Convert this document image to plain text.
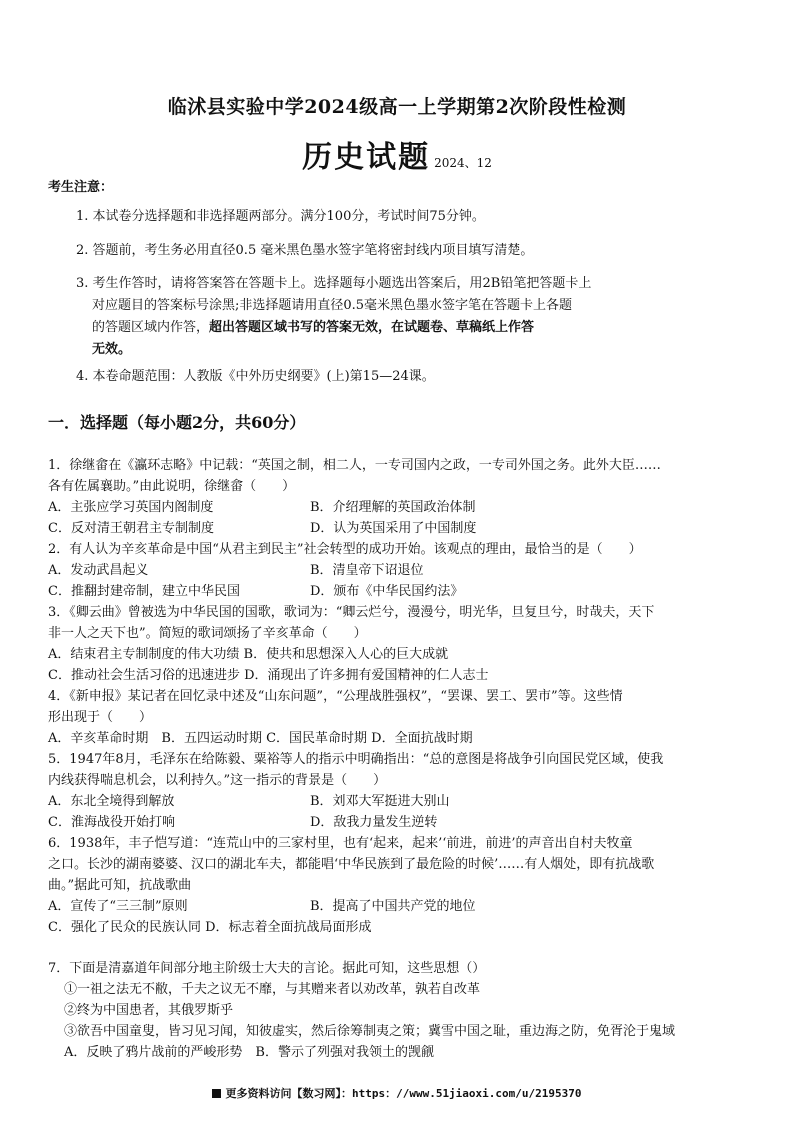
临沭县实验中学2024级高一上学期第2次阶段性检测
历史试题 2024、12
考生注意：
1. 本试卷分选择题和非选择题两部分。满分100分，考试时间75分钟。
2. 答题前，考生务必用直径0.5 毫米黑色墨水签字笔将密封线内项目填写清楚。
3. 考生作答时，请将答案答在答题卡上。选择题每小题选出答案后，用2B铅笔把答题卡上
对应题目的答案标号涂黑;非选择题请用直径0.5毫米黑色墨水签字笔在答题卡上各题
的答题区域内作答，超出答题区域书写的答案无效，在试题卷、草稿纸上作答
无效。
4. 本卷命题范围：人教版《中外历史纲要》(上)第15—24课。
一．选择题（每小题2分，共60分）
1．徐继畲在《瀛环志略》中记载：“英国之制，相二人，一专司国内之政，一专司外国之务。此外大臣……
各有佐属襄助。”由此说明，徐继畲（　　）
A．主张应学习英国内阁制度	B．介绍理解的英国政治体制
C．反对清王朝君主专制制度	D．认为英国采用了中国制度
2．有人认为辛亥革命是中国“从君主到民主”社会转型的成功开始。该观点的理由，最恰当的是（　　）
A．发动武昌起义	B．清皇帝下诏退位
C．推翻封建帝制，建立中华民国	D．颁布《中华民国约法》
3．《卿云曲》曾被选为中华民国的国歌，歌词为：“卿云烂兮，漫漫兮，明光华，旦复旦兮，时哉夫，天下
非一人之天下也”。简短的歌词颂扬了辛亥革命（　　）
A．结束君主专制制度的伟大功绩 B．使共和思想深入人心的巨大成就
C．推动社会生活习俗的迅速进步 D．涌现出了许多拥有爱国精神的仁人志士
4．《新申报》某记者在回忆录中述及“山东问题”，“公理战胜强权”，“罢课、罢工、罢市”等。这些情
形出现于（　　）
A．辛亥革命时期　B．五四运动时期 C．国民革命时期 D．全面抗战时期
5．1947年8月，毛泽东在给陈毅、粟裕等人的指示中明确指出：“总的意图是将战争引向国民党区域，使我
内线获得喘息机会，以利持久。”这一指示的背景是（　　）
A．东北全境得到解放	B．刘邓大军挺进大别山
C．淮海战役开始打响	D．敌我力量发生逆转
6．1938年，丰子恺写道：“连荒山中的三家村里，也有‘起来，起来’‘前进，前进’的声音出自村夫牧童
之口。长沙的湖南婆婆、汉口的湖北车夫，都能唱‘中华民族到了最危险的时候’……有人烟处，即有抗战歌
曲。”据此可知，抗战歌曲
A．宣传了“三三制”原则	B．提高了中国共产党的地位
C．强化了民众的民族认同 D．标志着全面抗战局面形成
7．下面是清嘉道年间部分地主阶级士大夫的言论。据此可知，这些思想（）
①一祖之法无不敝，千夫之议无不靡，与其赠来者以劝改革，孰若自改革
②终为中国患者，其俄罗斯乎
③欲吾中国童叟，皆习见习闻，知彼虚实，然后徐筹制夷之策；冀雪中国之耻，重边海之防，免胥沦于鬼域
A．反映了鸦片战前的严峻形势　B．警示了列强对我领土的觊觎
更多资料访问【数习网】：https：//www.51jiaoxi.com/u/2195370
